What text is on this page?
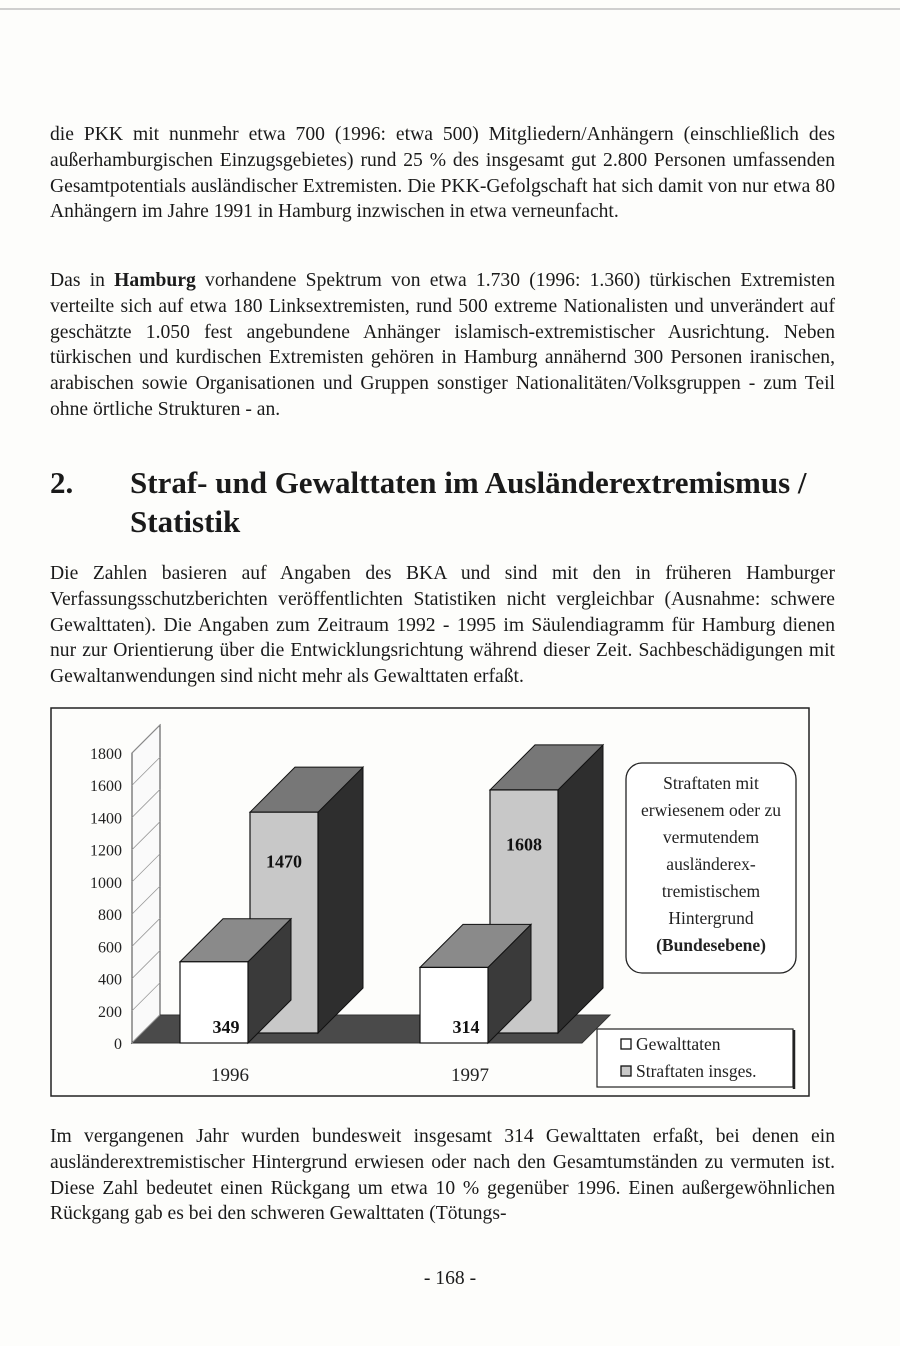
die PKK mit nunmehr etwa 700 (1996: etwa 500) Mitgliedern/Anhängern (einschließlich des außerhamburgischen Einzugsgebietes) rund 25 % des insgesamt gut 2.800 Personen umfassenden Gesamtpotentials ausländischer Extremisten. Die PKK-Gefolgschaft hat sich damit von nur etwa 80 Anhängern im Jahre 1991 in Hamburg inzwischen in etwa verneunfacht.

Das in Hamburg vorhandene Spektrum von etwa 1.730 (1996: 1.360) türkischen Extremisten verteilte sich auf etwa 180 Linksextremisten, rund 500 extreme Nationalisten und unverändert auf geschätzte 1.050 fest angebundene Anhänger islamisch-extremistischer Ausrichtung. Neben türkischen und kurdischen Extremisten gehören in Hamburg annähernd 300 Personen iranischen, arabischen sowie Organisationen und Gruppen sonstiger Nationalitäten/Volksgruppen - zum Teil ohne örtliche Strukturen - an.

2. Straf- und Gewalttaten im Ausländerextremismus / Statistik

Die Zahlen basieren auf Angaben des BKA und sind mit den in früheren Hamburger Verfassungsschutzberichten veröffentlichten Statistiken nicht vergleichbar (Ausnahme: schwere Gewalttaten). Die Angaben zum Zeitraum 1992 - 1995 im Säulendiagramm für Hamburg dienen nur zur Orientierung über die Entwicklungsrichtung während dieser Zeit. Sachbeschädigungen mit Gewaltanwendungen sind nicht mehr als Gewalttaten erfaßt.

1800
1600
1400
1200
1000
800
600
400
200
0
1470
349
1996
1608
314
1997
Straftaten mit
erwiesenem oder zu
vermutendem
ausländerex-
tremistischem
Hintergrund
(Bundesebene)
Gewalttaten
Straftaten insges.

Im vergangenen Jahr wurden bundesweit insgesamt 314 Gewalttaten erfaßt, bei denen ein ausländerextremistischer Hintergrund erwiesen oder nach den Gesamtumständen zu vermuten ist. Diese Zahl bedeutet einen Rückgang um etwa 10 % gegenüber 1996. Einen außergewöhnlichen Rückgang gab es bei den schweren Gewalttaten (Tötungs-

- 168 -
